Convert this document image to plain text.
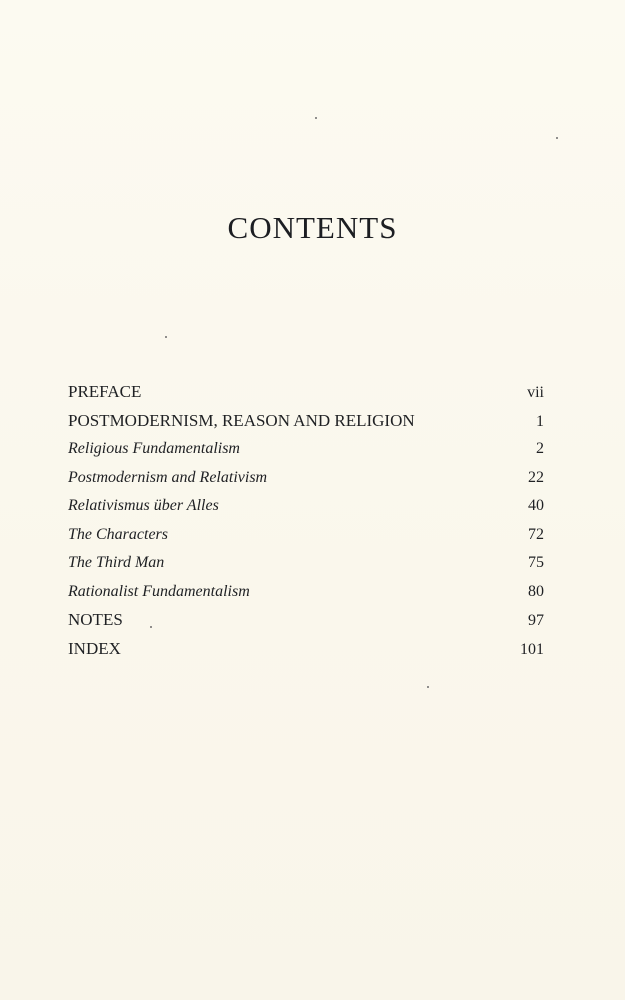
CONTENTS
PREFACE	vii
POSTMODERNISM, REASON AND RELIGION	1
Religious Fundamentalism	2
Postmodernism and Relativism	22
Relativismus über Alles	40
The Characters	72
The Third Man	75
Rationalist Fundamentalism	80
NOTES	97
INDEX	101
